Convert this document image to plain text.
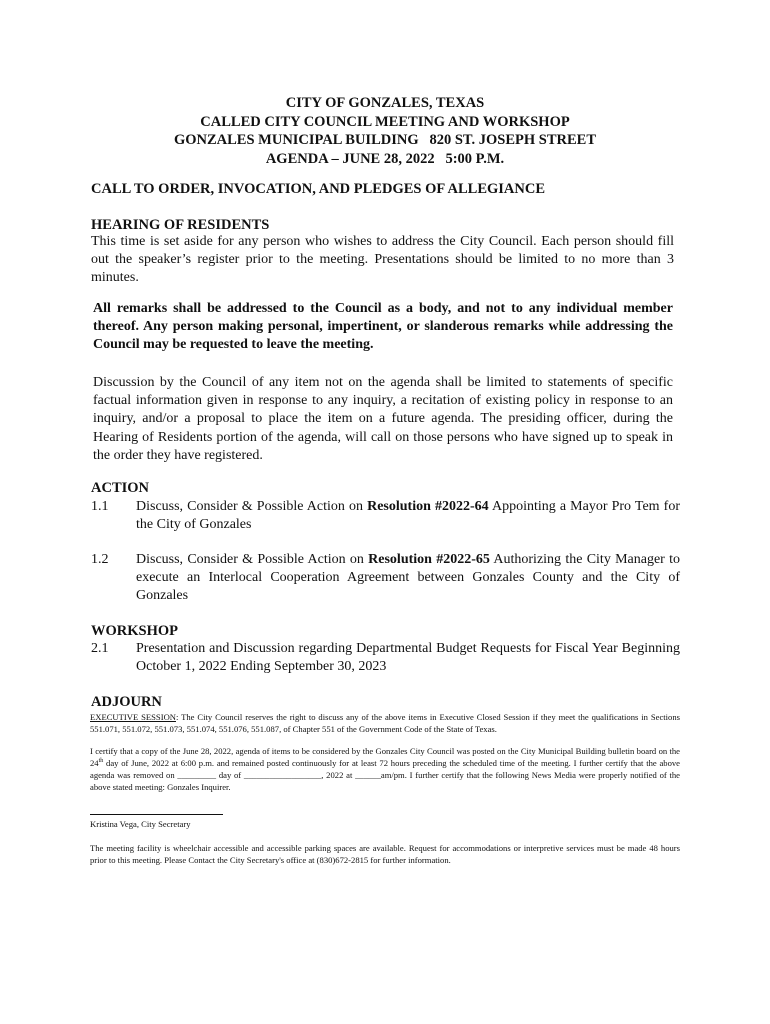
CITY OF GONZALES, TEXAS
CALLED CITY COUNCIL MEETING AND WORKSHOP
GONZALES MUNICIPAL BUILDING   820 ST. JOSEPH STREET
AGENDA – JUNE 28, 2022   5:00 P.M.
CALL TO ORDER, INVOCATION, AND PLEDGES OF ALLEGIANCE
HEARING OF RESIDENTS
This time is set aside for any person who wishes to address the City Council. Each person should fill out the speaker’s register prior to the meeting. Presentations should be limited to no more than 3 minutes.
All remarks shall be addressed to the Council as a body, and not to any individual member thereof. Any person making personal, impertinent, or slanderous remarks while addressing the Council may be requested to leave the meeting.
Discussion by the Council of any item not on the agenda shall be limited to statements of specific factual information given in response to any inquiry, a recitation of existing policy in response to an inquiry, and/or a proposal to place the item on a future agenda. The presiding officer, during the Hearing of Residents portion of the agenda, will call on those persons who have signed up to speak in the order they have registered.
ACTION
1.1 Discuss, Consider & Possible Action on Resolution #2022-64 Appointing a Mayor Pro Tem for the City of Gonzales
1.2 Discuss, Consider & Possible Action on Resolution #2022-65 Authorizing the City Manager to execute an Interlocal Cooperation Agreement between Gonzales County and the City of Gonzales
WORKSHOP
2.1 Presentation and Discussion regarding Departmental Budget Requests for Fiscal Year Beginning October 1, 2022 Ending September 30, 2023
ADJOURN
EXECUTIVE SESSION: The City Council reserves the right to discuss any of the above items in Executive Closed Session if they meet the qualifications in Sections 551.071, 551.072, 551.073, 551.074, 551.076, 551.087, of Chapter 551 of the Government Code of the State of Texas.
I certify that a copy of the June 28, 2022, agenda of items to be considered by the Gonzales City Council was posted on the City Municipal Building bulletin board on the 24th day of June, 2022 at 6:00 p.m. and remained posted continuously for at least 72 hours preceding the scheduled time of the meeting. I further certify that the above agenda was removed on _________ day of __________________, 2022 at ______am/pm. I further certify that the following News Media were properly notified of the above stated meeting: Gonzales Inquirer.
Kristina Vega, City Secretary
The meeting facility is wheelchair accessible and accessible parking spaces are available. Request for accommodations or interpretive services must be made 48 hours prior to this meeting. Please Contact the City Secretary's office at (830)672-2815 for further information.
